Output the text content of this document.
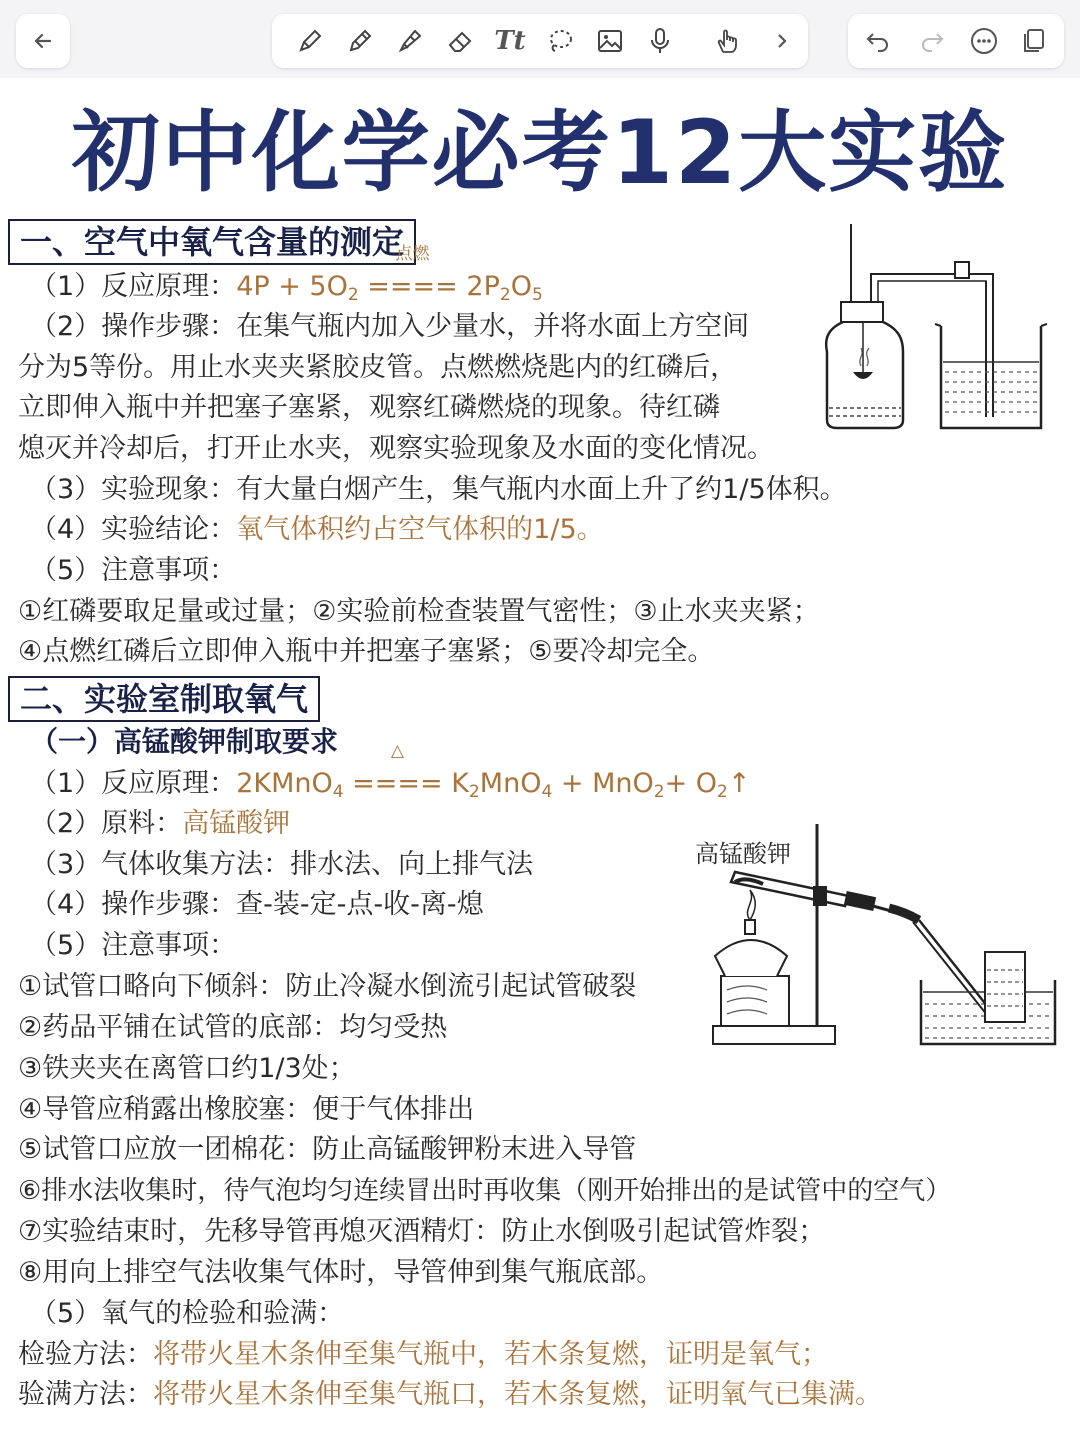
Tt
初中化学必考12大实验
一、空气中氧气含量的测定
（1）反应原理：$4P + 5O_2$
点燃
==== $2P_2O_5$
（2）操作步骤：在集气瓶内加入少量水，并将水面上方空间
分为5等份。用止水夹夹紧胶皮管。点燃燃烧匙内的红磷后，
立即伸入瓶中并把塞子塞紧，观察红磷燃烧的现象。待红磷
熄灭并冷却后，打开止水夹，观察实验现象及水面的变化情况。
（3）实验现象：有大量白烟产生，集气瓶内水面上升了约1/5体积。
（4）实验结论：氧气体积约占空气体积的1/5。
（5）注意事项：
①红磷要取足量或过量；②实验前检查装置气密性；③止水夹夹紧；
④点燃红磷后立即伸入瓶中并把塞子塞紧；⑤要冷却完全。
二、实验室制取氧气
（一）高锰酸钾制取要求
（1）反应原理：2KMnO$_4$
△
==== $K_2MnO_4 + MnO_2+$ $O_2↑$
（2）原料：高锰酸钾
（3）气体收集方法：排水法、向上排气法
（4）操作步骤：查-装-定-点-收-离-熄
（5）注意事项：
①试管口略向下倾斜：防止冷凝水倒流引起试管破裂
②药品平铺在试管的底部：均匀受热
③铁夹夹在离管口约1/3处；
④导管应稍露出橡胶塞：便于气体排出
⑤试管口应放一团棉花：防止高锰酸钾粉末进入导管
⑥排水法收集时，待气泡均匀连续冒出时再收集（刚开始排出的是试管中的空气）
⑦实验结束时，先移导管再熄灭酒精灯：防止水倒吸引起试管炸裂；
⑧用向上排空气法收集气体时，导管伸到集气瓶底部。
（5）氧气的检验和验满：
检验方法：将带火星木条伸至集气瓶中，若木条复燃，证明是氧气；
验满方法：将带火星木条伸至集气瓶口，若木条复燃，证明氧气已集满。
高锰酸钾
